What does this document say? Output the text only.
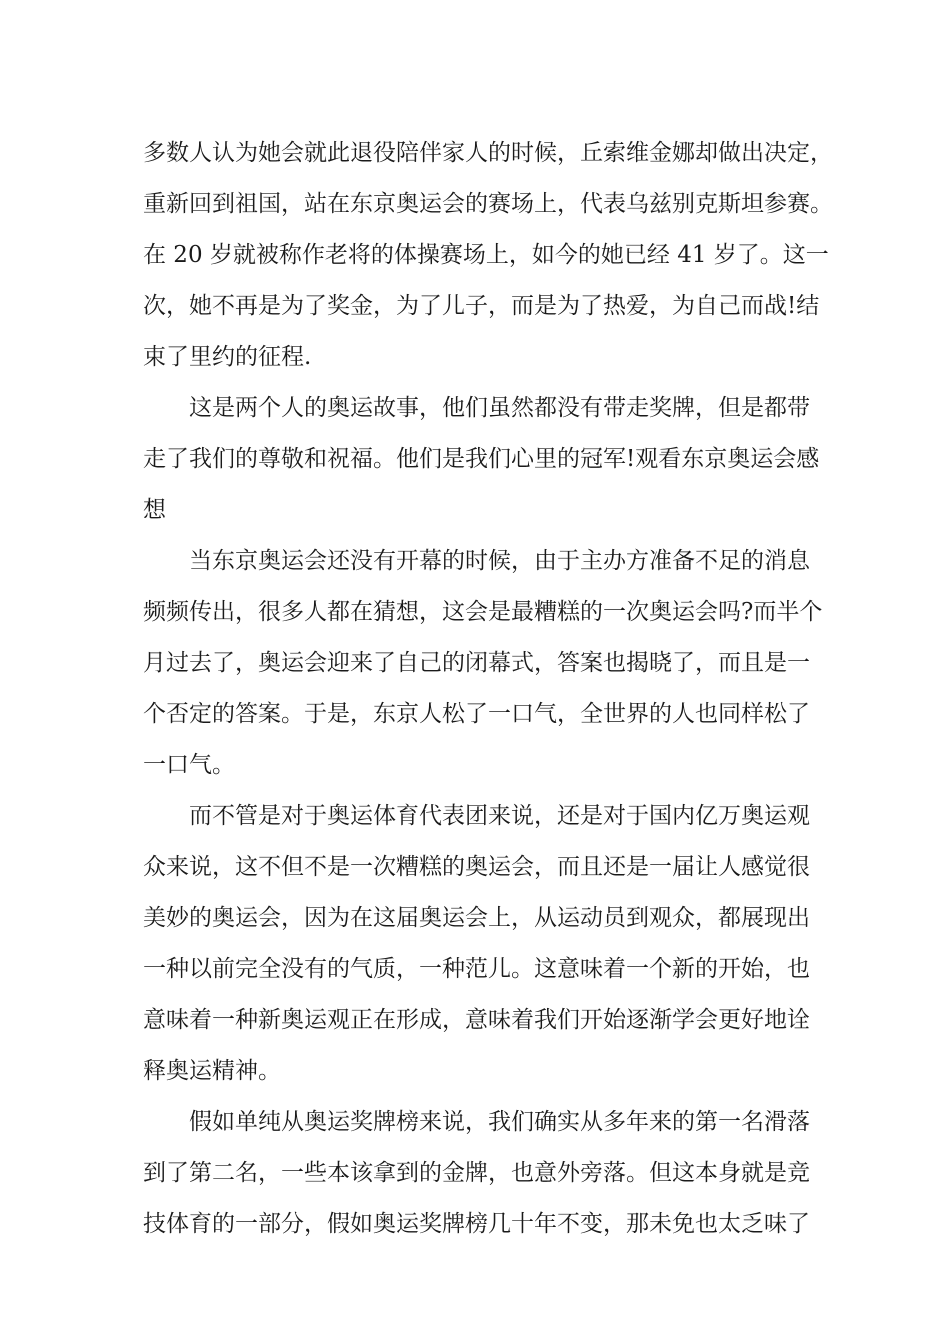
多数人认为她会就此退役陪伴家人的时候，丘索维金娜却做出决定，
重新回到祖国，站在东京奥运会的赛场上，代表乌兹别克斯坦参赛。
在 20 岁就被称作老将的体操赛场上，如今的她已经 41 岁了。这一
次，她不再是为了奖金，为了儿子，而是为了热爱，为自己而战!结
束了里约的征程.

这是两个人的奥运故事，他们虽然都没有带走奖牌，但是都带
走了我们的尊敬和祝福。他们是我们心里的冠军!观看东京奥运会感
想

当东京奥运会还没有开幕的时候，由于主办方准备不足的消息
频频传出，很多人都在猜想，这会是最糟糕的一次奥运会吗?而半个
月过去了，奥运会迎来了自己的闭幕式，答案也揭晓了，而且是一
个否定的答案。于是，东京人松了一口气，全世界的人也同样松了
一口气。

而不管是对于奥运体育代表团来说，还是对于国内亿万奥运观
众来说，这不但不是一次糟糕的奥运会，而且还是一届让人感觉很
美妙的奥运会，因为在这届奥运会上，从运动员到观众，都展现出
一种以前完全没有的气质，一种范儿。这意味着一个新的开始，也
意味着一种新奥运观正在形成，意味着我们开始逐渐学会更好地诠
释奥运精神。

假如单纯从奥运奖牌榜来说，我们确实从多年来的第一名滑落
到了第二名，一些本该拿到的金牌，也意外旁落。但这本身就是竞
技体育的一部分，假如奥运奖牌榜几十年不变，那未免也太乏味了
